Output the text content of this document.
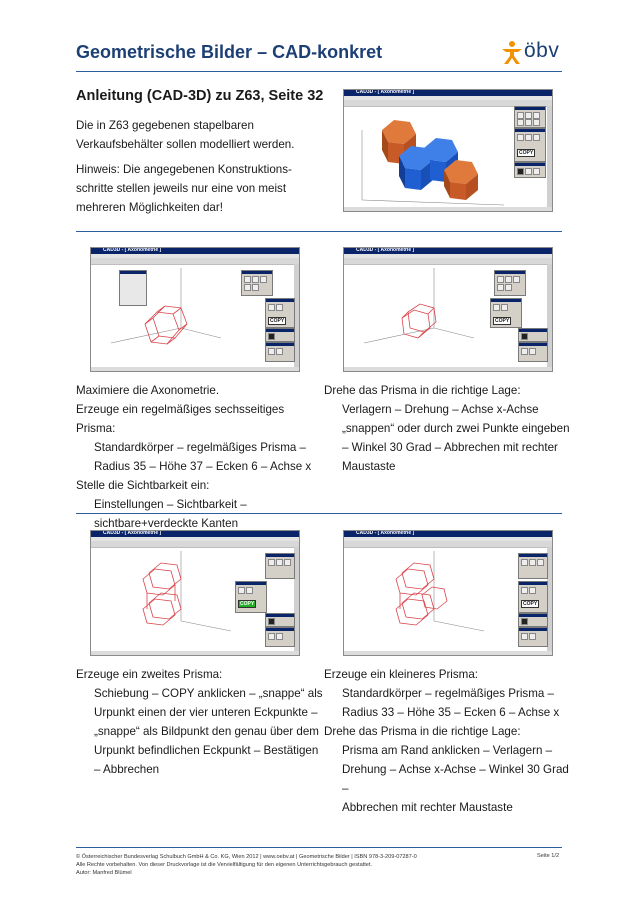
Geometrische Bilder – CAD-konkret	öbv
Anleitung (CAD-3D) zu Z63, Seite 32
Die in Z63 gegebenen stapelbaren
Verkaufsbehälter sollen modelliert werden.
Hinweis: Die angegebenen Konstruktions-
schritte stellen jeweils nur eine von meist
mehreren Möglichkeiten dar!
CAD3D - [ Axonometrie ]
COPY
CAD3D - [ Axonometrie ]
COPY
CAD3D - [ Axonometrie ]
COPY
Maximiere die Axonometrie.
Erzeuge ein regelmäßiges sechsseitiges Prisma:
Standardkörper – regelmäßiges Prisma –
Radius 35 – Höhe 37 – Ecken 6 – Achse x
Stelle die Sichtbarkeit ein:
Einstellungen – Sichtbarkeit –
sichtbare+verdeckte Kanten
Drehe das Prisma in die richtige Lage:
Verlagern – Drehung – Achse x-Achse
„snappen“ oder durch zwei Punkte eingeben
– Winkel 30 Grad – Abbrechen mit rechter
Maustaste
CAD3D - [ Axonometrie ]
COPY
CAD3D - [ Axonometrie ]
COPY
Erzeuge ein zweites Prisma:
Schiebung – COPY anklicken – „snappe“ als
Urpunkt einen der vier unteren Eckpunkte –
„snappe“ als Bildpunkt den genau über dem
Urpunkt befindlichen Eckpunkt – Bestätigen
– Abbrechen
Erzeuge ein kleineres Prisma:
Standardkörper – regelmäßiges Prisma –
Radius 33 – Höhe 35 – Ecken 6 – Achse x
Drehe das Prisma in die richtige Lage:
Prisma am Rand anklicken – Verlagern –
Drehung – Achse x-Achse – Winkel 30 Grad –
Abbrechen mit rechter Maustaste
© Österreichischer Bundesverlag Schulbuch GmbH & Co. KG, Wien 2012 | www.oebv.at | Geometrische Bilder | ISBN 978-3-209-07287-0
Alle Rechte vorbehalten. Von dieser Druckvorlage ist die Vervielfältigung für den eigenen Unterrichtsgebrauch gestattet.
Autor: Manfred Blümel
Seite 1/2
